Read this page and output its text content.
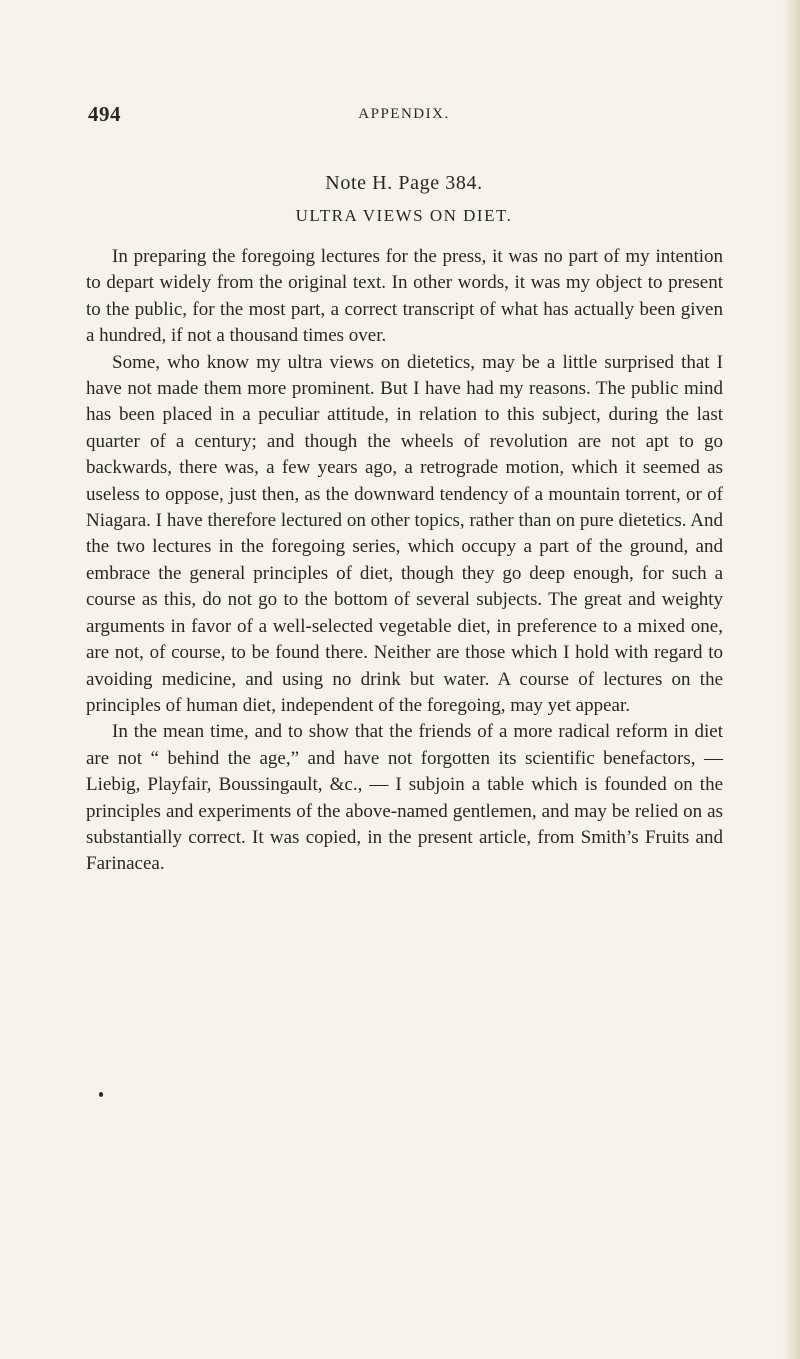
494	APPENDIX.
Note H. Page 384.
ULTRA VIEWS ON DIET.

In preparing the foregoing lectures for the press, it was no part of my intention to depart widely from the original text. In other words, it was my object to present to the public, for the most part, a correct transcript of what has actually been given a hundred, if not a thousand times over.

Some, who know my ultra views on dietetics, may be a little surprised that I have not made them more prominent. But I have had my reasons. The public mind has been placed in a peculiar attitude, in relation to this subject, during the last quarter of a century; and though the wheels of revolution are not apt to go backwards, there was, a few years ago, a retrograde motion, which it seemed as useless to oppose, just then, as the downward tendency of a mountain torrent, or of Niagara. I have therefore lectured on other topics, rather than on pure dietetics. And the two lectures in the foregoing series, which occupy a part of the ground, and embrace the general principles of diet, though they go deep enough, for such a course as this, do not go to the bottom of several subjects. The great and weighty arguments in favor of a well-selected vegetable diet, in preference to a mixed one, are not, of course, to be found there. Neither are those which I hold with regard to avoiding medicine, and using no drink but water. A course of lectures on the principles of human diet, independent of the foregoing, may yet appear.

In the mean time, and to show that the friends of a more radical reform in diet are not “ behind the age,” and have not forgotten its scientific benefactors, — Liebig, Playfair, Boussingault, &c., — I subjoin a table which is founded on the principles and experiments of the above-named gentlemen, and may be relied on as substantially correct. It was copied, in the present article, from Smith’s Fruits and Farinacea.
